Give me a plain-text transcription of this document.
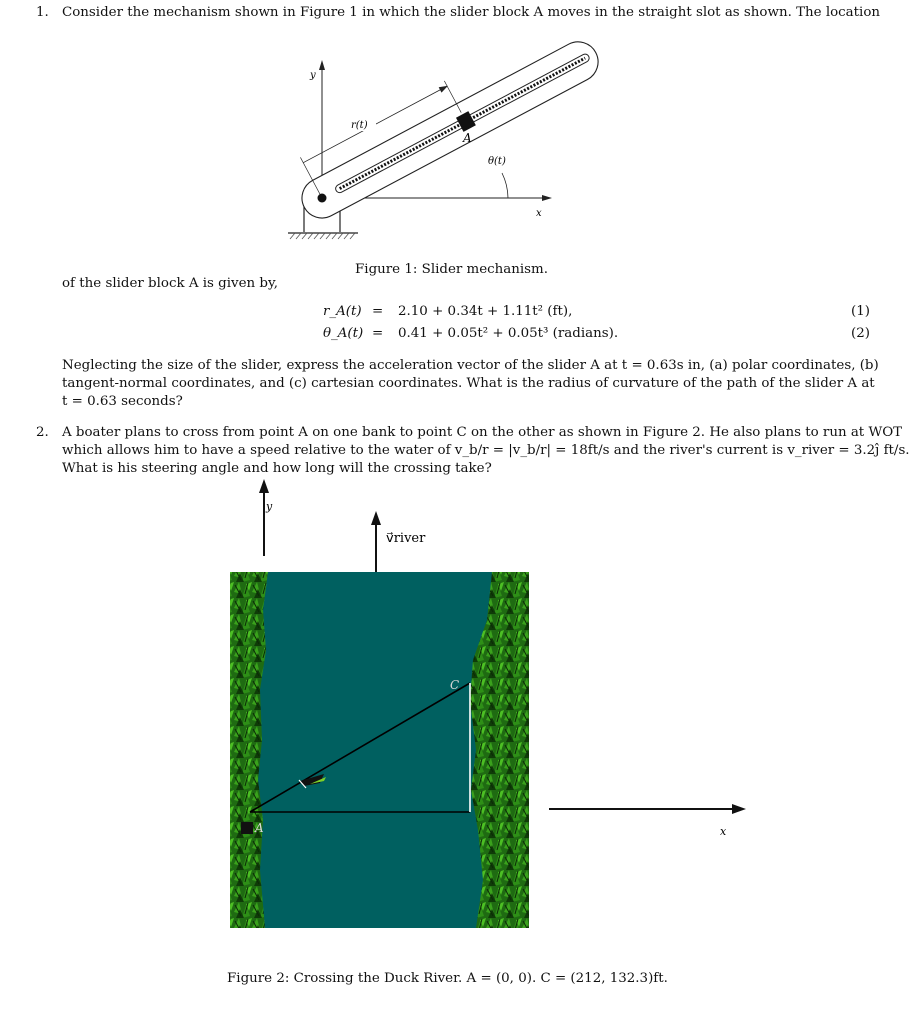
1. Consider the mechanism shown in Figure 1 in which the slider block A moves in the straight slot as shown. The location
y
x
r(t)
A
θ(t)
Figure 1: Slider mechanism.
of the slider block A is given by,
r_A(t) = 2.10 + 0.34t + 1.11t² (ft),	(1)
θ_A(t) = 0.41 + 0.05t² + 0.05t³ (radians).	(2)
Neglecting the size of the slider, express the acceleration vector of the slider A at t = 0.63s in, (a) polar coordinates, (b)
tangent-normal coordinates, and (c) cartesian coordinates. What is the radius of curvature of the path of the slider A at
t = 0.63 seconds?
2. A boater plans to cross from point A on one bank to point C on the other as shown in Figure 2. He also plans to run at WOT
which allows him to have a speed relative to the water of v_b/r = |v_b/r| = 18ft/s and the river's current is v_river = 3.2ĵ ft/s.
What is his steering angle and how long will the crossing take?
y
v⃗river
A
C
x
Figure 2: Crossing the Duck River. A = (0, 0). C = (212, 132.3)ft.
